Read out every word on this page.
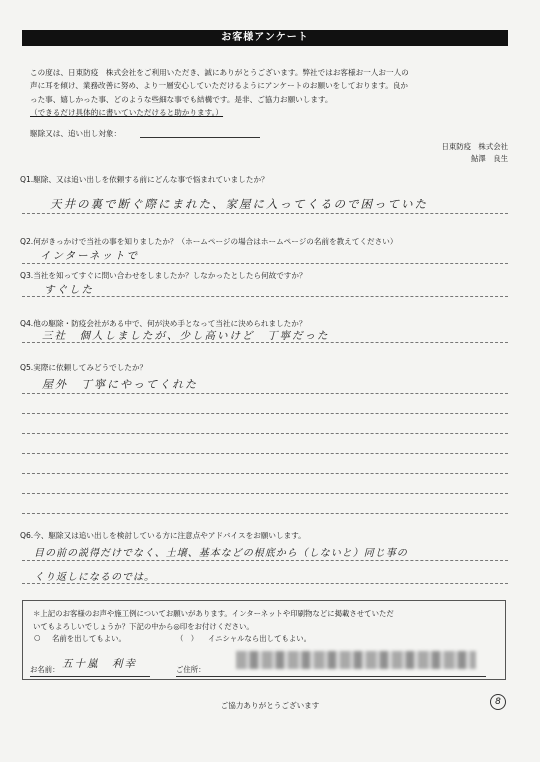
お客様アンケート
この度は、日東防疫　株式会社をご利用いただき、誠にありがとうございます。弊社ではお客様お一人お一人の
声に耳を傾け、業務改善に努め、より一層安心していただけるようにアンケートのお願いをしております。良か
った事、嬉しかった事、どのような些細な事でも結構です。是非、ご協力お願いします。
（できるだけ具体的に書いていただけると助かります。）
駆除又は、追い出し対象：
日東防疫　株式会社
鮎澤　良生
Q1.駆除、又は追い出しを依頼する前にどんな事で悩まれていましたか？
天井の裏で断ぐ際にまれた、家屋に入ってくるので困っていた
Q2.何がきっかけで当社の事を知りましたか？（ホームページの場合はホームページの名前を教えてください）
インターネットで
Q3.当社を知ってすぐに問い合わせをしましたか？しなかったとしたら何故ですか？
すぐした
Q4.他の駆除・防疫会社がある中で、何が決め手となって当社に決められましたか？
三社　個人しましたが、少し高いけど　丁寧だった
Q5.実際に依頼してみどうでしたか？
屋外　丁寧にやってくれた
Q6.今、駆除又は追い出しを検討している方に注意点やアドバイスをお願いします。
目の前の説得だけでなく、土壌、基本などの根底から（しないと）同じ事の
くり返しになるのでは。
＊上記のお客様のお声や施工例についてお願いがあります。インターネットや印刷物などに掲載させていただ
いてもよろしいでしょうか？下記の中から◎印をお付けください。
○ 名前を出してもよい。	（　） イニシャルなら出してもよい。
お名前： 五十嵐　利幸	ご住所：
ご協力ありがとうございます	8
